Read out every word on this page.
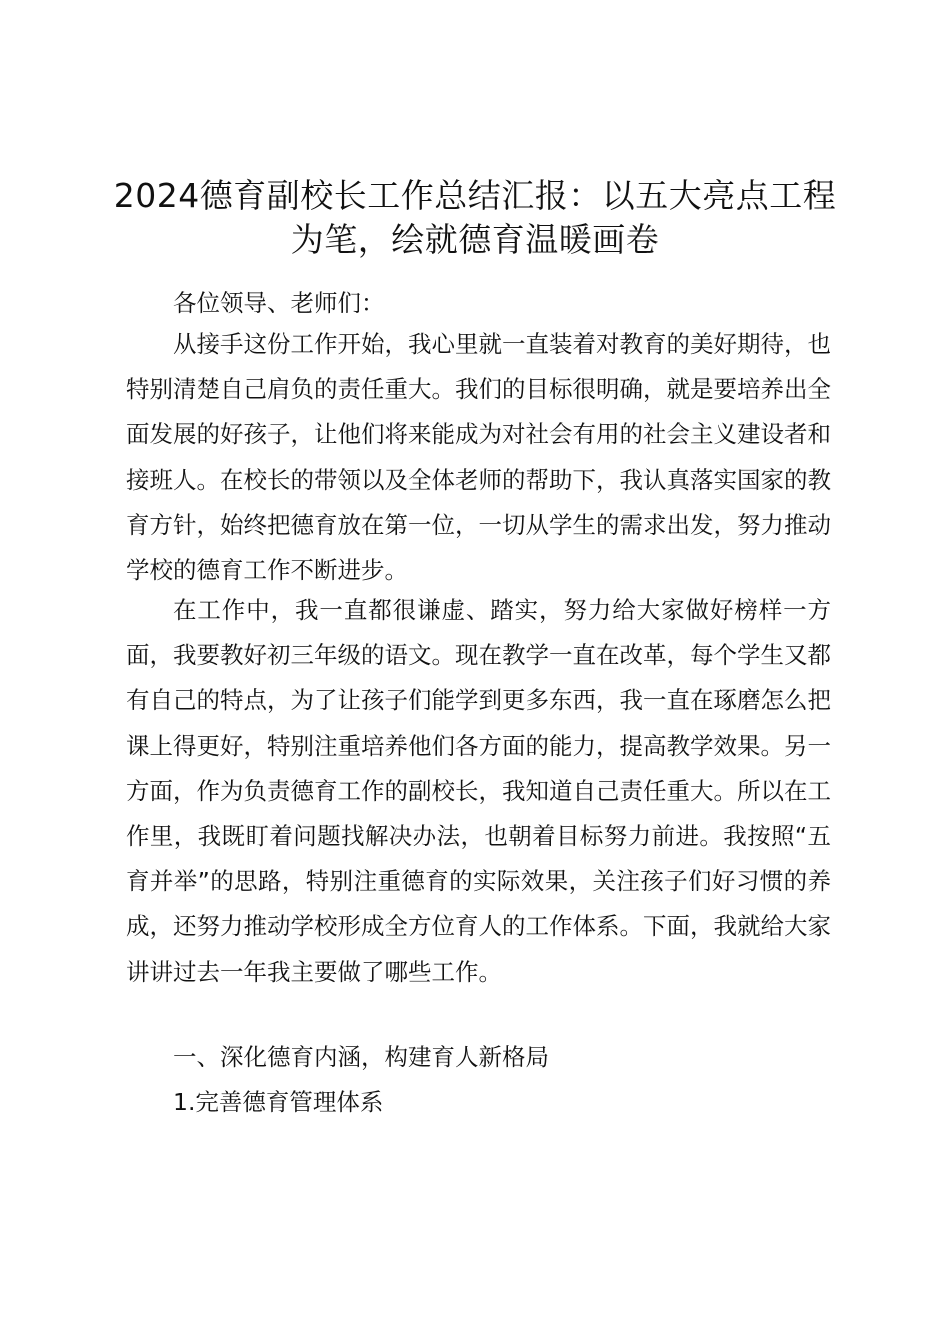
2024德育副校长工作总结汇报：以五大亮点工程为笔，绘就德育温暖画卷

各位领导、老师们：

从接手这份工作开始，我心里就一直装着对教育的美好期待，也特别清楚自己肩负的责任重大。我们的目标很明确，就是要培养出全面发展的好孩子，让他们将来能成为对社会有用的社会主义建设者和接班人。在校长的带领以及全体老师的帮助下，我认真落实国家的教育方针，始终把德育放在第一位，一切从学生的需求出发，努力推动学校的德育工作不断进步。

在工作中，我一直都很谦虚、踏实，努力给大家做好榜样一方面，我要教好初三年级的语文。现在教学一直在改革，每个学生又都有自己的特点，为了让孩子们能学到更多东西，我一直在琢磨怎么把课上得更好，特别注重培养他们各方面的能力，提高教学效果。另一方面，作为负责德育工作的副校长，我知道自己责任重大。所以在工作里，我既盯着问题找解决办法，也朝着目标努力前进。我按照“五育并举”的思路，特别注重德育的实际效果，关注孩子们好习惯的养成，还努力推动学校形成全方位育人的工作体系。下面，我就给大家讲讲过去一年我主要做了哪些工作。

一、深化德育内涵，构建育人新格局

1.完善德育管理体系
